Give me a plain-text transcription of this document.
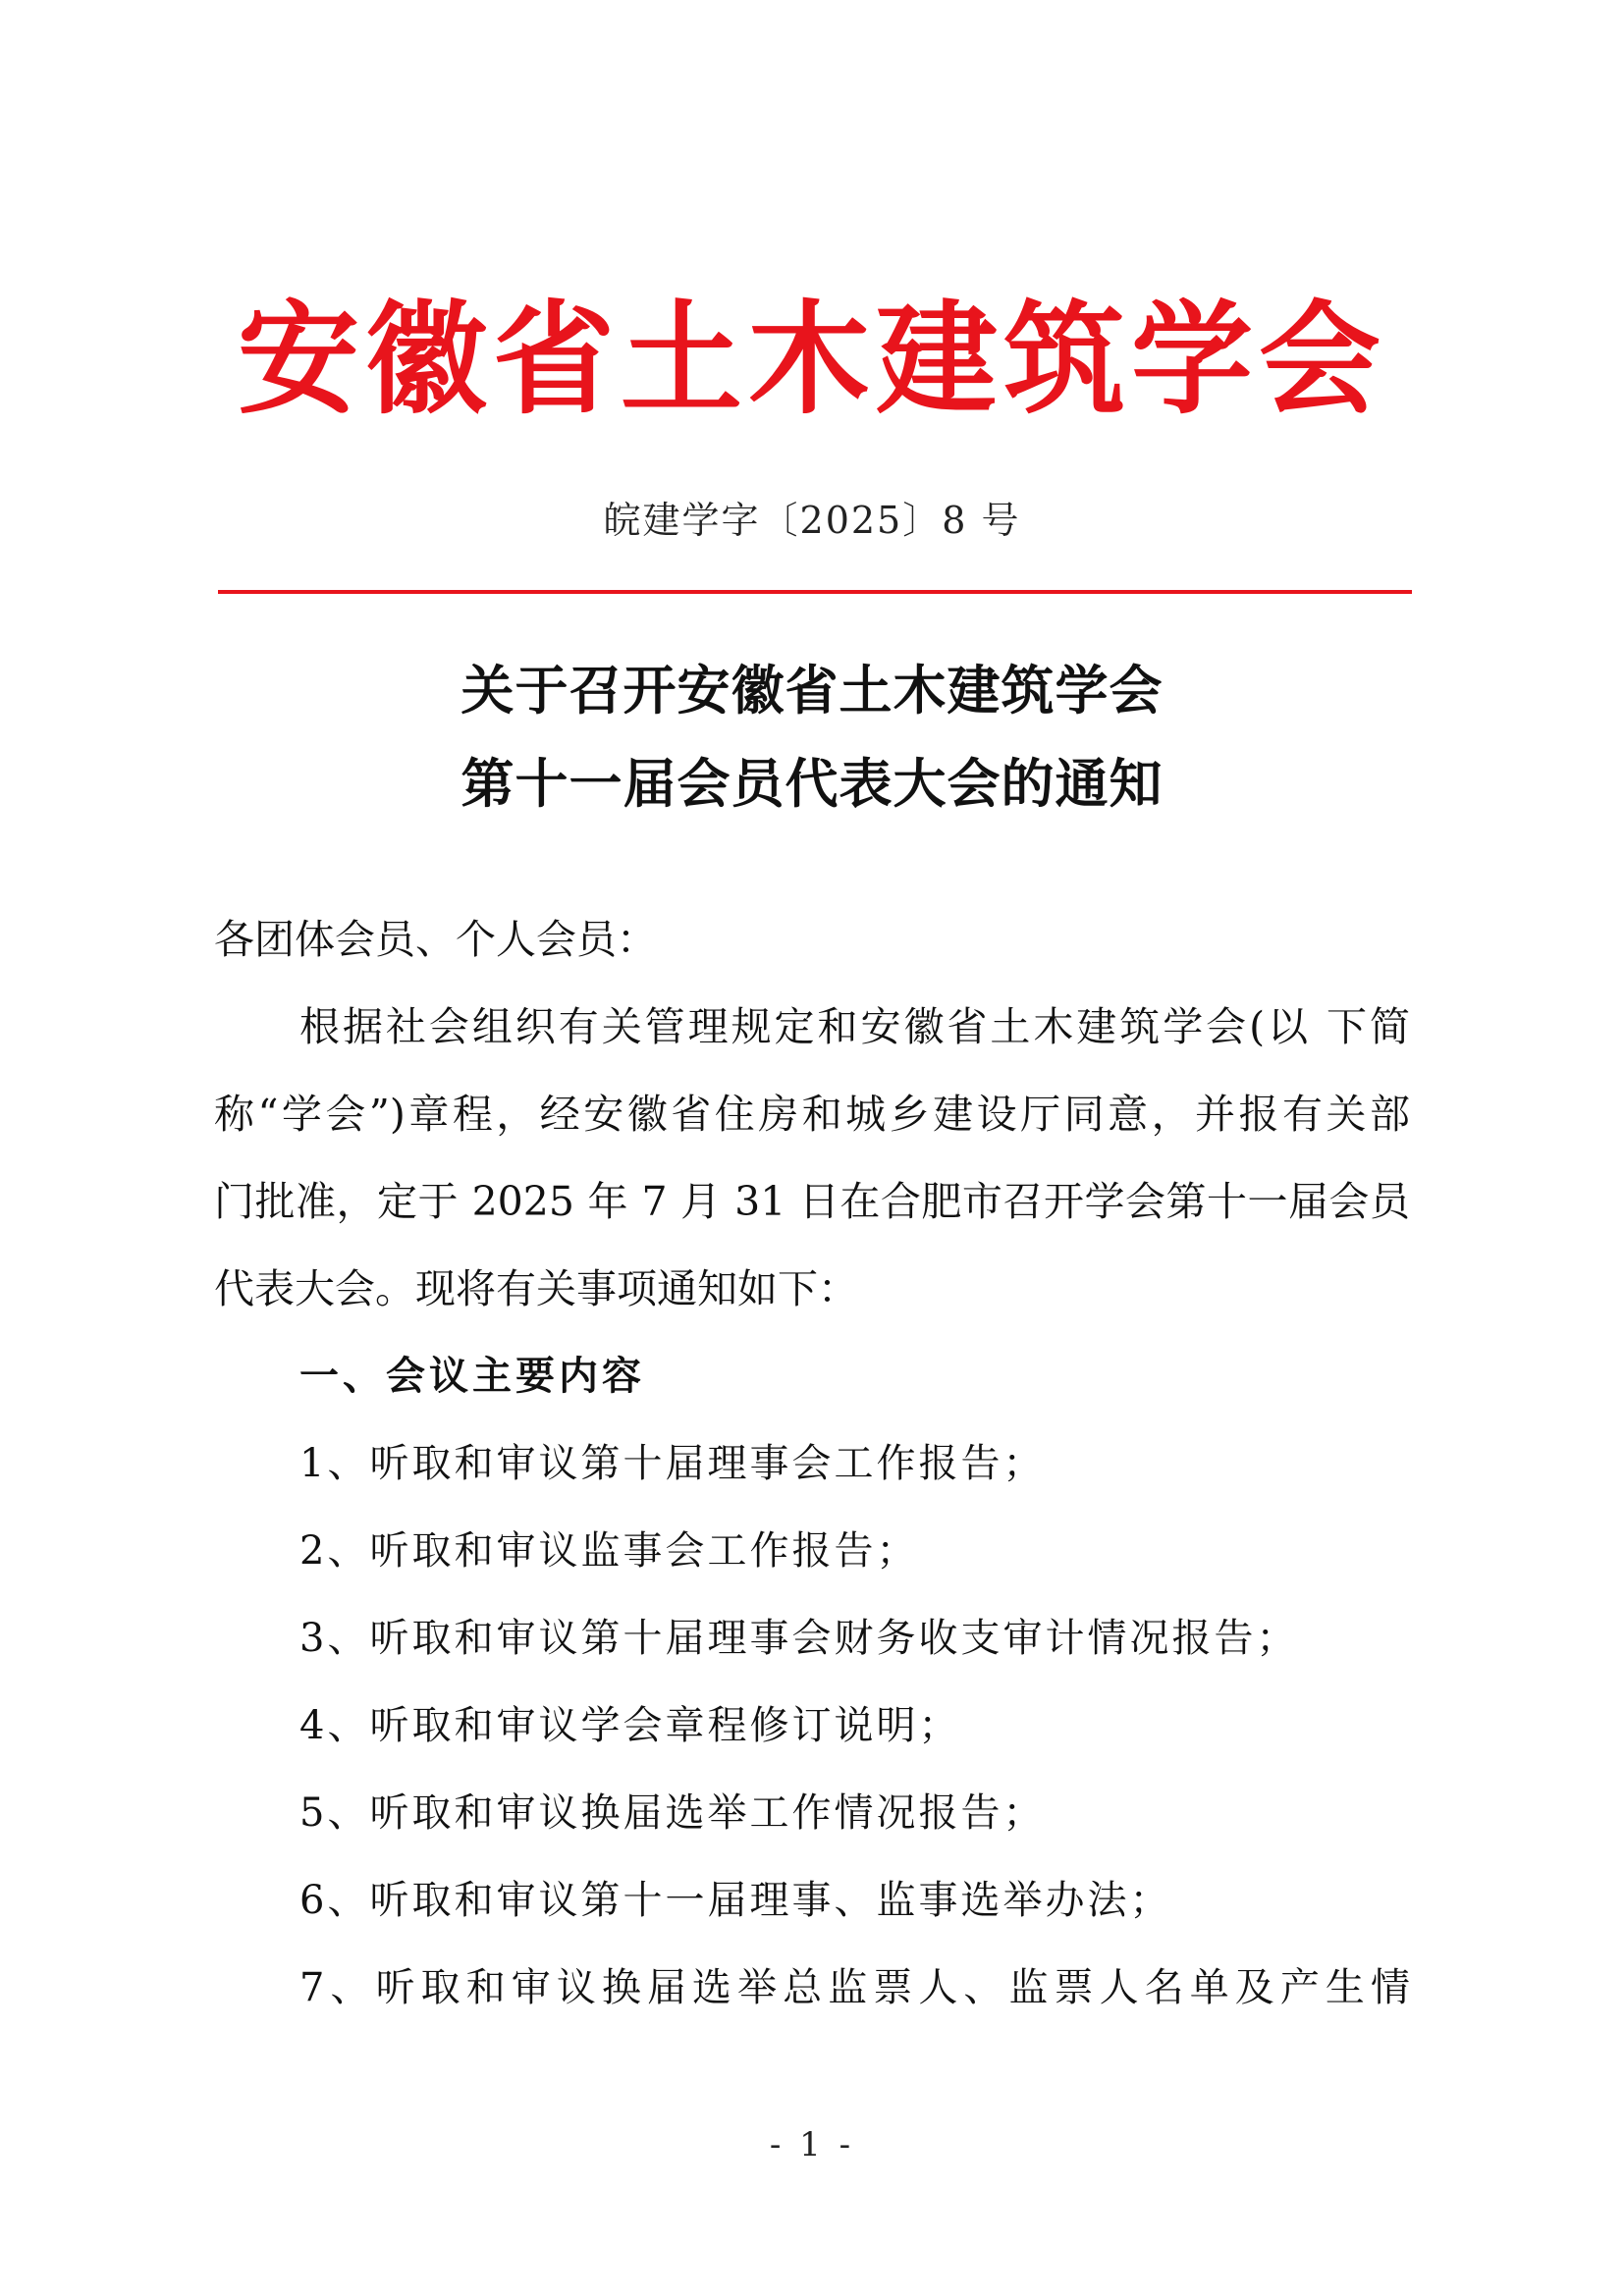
安徽省土木建筑学会
皖建学字〔2025〕8 号
关于召开安徽省土木建筑学会
第十一届会员代表大会的通知
各团体会员、个人会员：
根据社会组织有关管理规定和安徽省土木建筑学会(以 下简
称“学会”)章程，经安徽省住房和城乡建设厅同意，并报有关部
门批准，定于 2025 年 7 月 31 日在合肥市召开学会第十一届会员
代表大会。现将有关事项通知如下：
一、会议主要内容
1、听取和审议第十届理事会工作报告；
2、听取和审议监事会工作报告；
3、听取和审议第十届理事会财务收支审计情况报告；
4、听取和审议学会章程修订说明；
5、听取和审议换届选举工作情况报告；
6、听取和审议第十一届理事、监事选举办法；
7、听取和审议换届选举总监票人、监票人名单及产生情
- 1 -
